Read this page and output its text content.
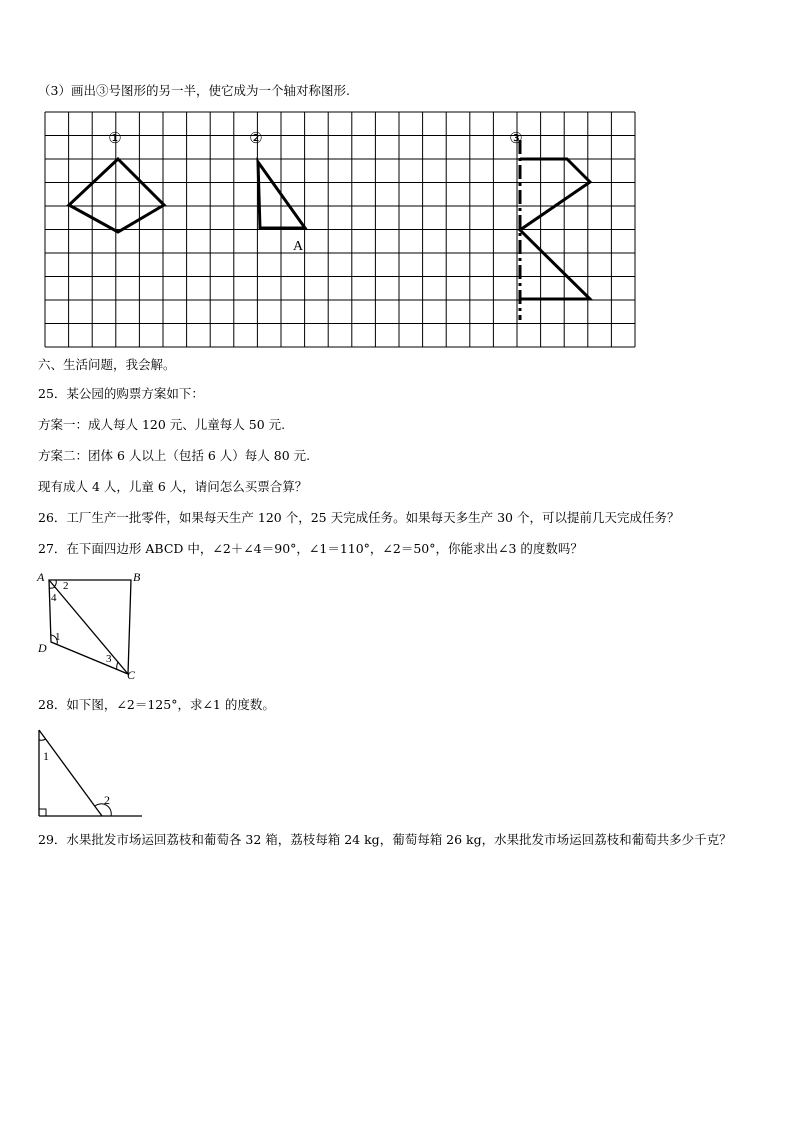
（3）画出③号图形的另一半，使它成为一个轴对称图形.
①	②	③
A
六、生活问题，我会解。
25．某公园的购票方案如下：
方案一：成人每人 120 元、儿童每人 50 元.
方案二：团体 6 人以上（包括 6 人）每人 80 元.
现有成人 4 人，儿童 6 人，请问怎么买票合算？
26．工厂生产一批零件，如果每天生产 120 个，25 天完成任务。如果每天多生产 30 个，可以提前几天完成任务？
27．在下面四边形 ABCD 中，∠2＋∠4＝90°，∠1＝110°，∠2＝50°，你能求出∠3 的度数吗？
A	B
C
D
2
4
1
3
28．如下图，∠2＝125°，求∠1 的度数。
1
2
29．水果批发市场运回荔枝和葡萄各 32 箱，荔枝每箱 24 kg，葡萄每箱 26 kg，水果批发市场运回荔枝和葡萄共多少千克？
